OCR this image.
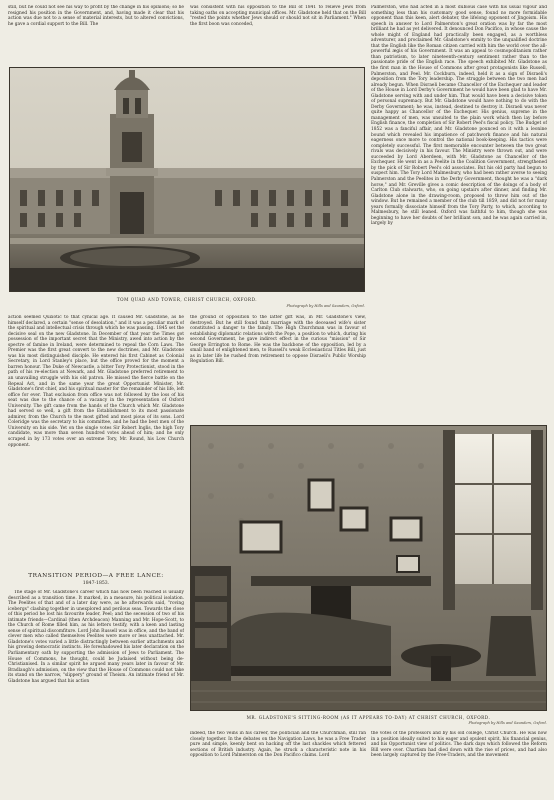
still, but he could not see his way to profit by the change in his opinions; so he resigned his position in the Government, and, having made it clear that his action was due not to a sense of material interests, but to altered convictions, he gave a cordial support to the Bill. The

was consistent with his opposition to the Bill of 1841 to relieve Jews from taking oaths on accepting municipal offices. Mr. Gladstone held that on the Bill "rested the points whether Jews should or should not sit in Parliament." When the first boon was conceded,

TOM QUAD AND TOWER, CHRIST CHURCH, OXFORD.
Photograph by Hills and Saunders, Oxford.

Palmerston, who had acted in a most dubious case with his usual vigour and something less than his customary good sense, found no more formidable opponent than this keen, alert debater, the lifelong opponent of Jingoism. His speech in answer to Lord Palmerston's great oration was by far the most brilliant he had as yet delivered. It denounced Don Pacifico, in whose cause the whole might of England had practically been engaged, as a worthless adventurer, and proclaimed Mr. Gladstone's enmity to the unqualified doctrine that the English like the Roman citizen carried with him the world over the all-powerful ægis of his Government. It was an appeal to cosmopolitanism rather than patriotism, to later nineteenth-century sentiment rather than to the passionate pride of the English race. The speech exhibited Mr. Gladstone as the first man in the House of Commons after great protagonists like Russell, Palmerston, and Peel. Mr. Cockburn, indeed, held it as a sign of Disraeli's deposition from the Tory leadership. The struggle between the two men had already begun. When Disraeli became Chancellor of the Exchequer and leader of the House in Lord Derby's Government he would have been glad to have Mr. Gladstone serving with and under him. That would have been a decisive token of personal supremacy. But Mr. Gladstone would have nothing to do with the Derby Government; he was, instead, destined to destroy it. Disraeli was never quite happy as Chancellor of the Exchequer. His genius, supreme in the management of men, was unsuited to the plain work which then lay before English finance, the completion of Sir Robert Peel's fiscal policy. The Budget of 1852 was a fanciful affair, and Mr. Gladstone pounced on it with a leonine bound which revealed his impatience of patchwork finance and his natural eagerness once more to control the national book-keeping. His tactics were completely successful. The first memorable encounter between the two great rivals was decisively in his favour. The Ministry were thrown out, and were succeeded by Lord Aberdeen, with Mr. Gladstone as Chancellor of the Exchequer. He went in as a Peelite in the Coalition Government, strengthened by the pick of Sir Robert Peel's old associates. But his old party had begun to suspect him. The Tory Lord Malmesbury, who had been rather averse to seeing Palmerston and the Peelites in the Derby Government, thought he was a "dark horse," and Mr. Greville gives a comic description of the doings of a body of Carlton Club stalwarts, who, on going upstairs after dinner, and finding Mr. Gladstone alone in the drawing-room, proposed to throw him out of the window. But he remained a member of the club till 1859, and did not for many years formally dissociate himself from the Tory Party, to which, according to Malmesbury, he still leaned. Oxford was faithful to him, though she was beginning to have her doubts of her brilliant son, and he was again carried in, largely by

action seemed Quixotic to that cynical age. It caused Mr. Gladstone, as he himself declared, a certain "sense of desolation," and it was a peculiar mark of the spiritual and intellectual crisis through which he was passing. 1845 set the decisive seal on the new Gladstone. In December of that year the Times got possession of the important secret that the Ministry, awed into action by the spectre of famine in Ireland, were determined to repeal the Corn Laws. The Premier was the first great convert to the new doctrines, and Mr. Gladstone was his most distinguished disciple. He entered his first Cabinet as Colonial Secretary, in Lord Stanley's place, but the office proved for the moment a barren honour. The Duke of Newcastle, a bitter Tory Protectionist, stood in the path of his re-election at Newark, and Mr. Gladstone preferred retirement to an unavailing struggle with his old patron. He missed the fierce battle on the Repeal Act, and in the same year the great Opportunist Minister, Mr. Gladstone's first chief, and his spiritual master for the remainder of his life, left office for ever. That exclusion from office was not followed by the loss of his seat was due to the chance of a vacancy in the representation of Oxford University. The gift came from the hands of the Church which Mr. Gladstone had served so well, a gift from the Establishment to its most passionate admirer, from the Church to the most gifted and most pious of its sons. Lord Coleridge was the secretary to his committee, and he had the best men of the University on his side. Yet on the single votes Sir Robert Inglis, the high Tory candidate, was more than seven hundred votes ahead of him; and he only scraped in by 173 votes over an extreme Tory, Mr. Round, his Low Church opponent.

the ground of opposition to the latter gift was, in Mr. Gladstone's view, destroyed. But he still found that marriage with the deceased wife's sister constituted a danger to the family. The High Churchman was in favour of establishing diplomatic relations with the Pope, a position to which, during his second Government, he gave indirect effect in the curious "mission" of Sir George Errington to Rome. He was the backbone of the opposition, led by a small band of enlightened men, to Russell's weak Ecclesiastical Titles Bill, just as in later life he rushed from retirement to oppose Disraeli's Public Worship Regulation Bill.

TRANSITION PERIOD—A FREE LANCE:
1847-1853.

The stage of Mr. Gladstone's career which has now been reached is usually described as a transition time. It marked, in a measure, his political isolation. The Peelites of that and of a later day were, as he afterwards said, "roving icebergs" clashing together in unexplored and perilous seas. Towards the close of this period he lost his favourite leader, Peel; and the secession of two of his intimate friends—Cardinal (then Archdeacon) Manning and Mr. Hope-Scott, to the Church of Rome filled him, as his letters testify, with a keen and lasting sense of spiritual discomfiture. Lord John Russell was in office, and the band of clever men who called themselves Peelites were more or less unattached. Mr. Gladstone's votes varied a little distractingly between earlier attachments and his growing democratic instincts. He foreshadowed his later declaration on the Parliamentary oath by supporting the admission of Jews to Parliament. The House of Commons, he thought, could be Judaised without being de-Christianised. In a similar spirit he argued many years later in favour of Mr. Bradlaugh's admission, on the view that the House of Commons could not take its stand on the narrow, "slippery" ground of Theism. An intimate friend of Mr. Gladstone has argued that his action

MR. GLADSTONE'S SITTING-ROOM (AS IT APPEARS TO-DAY) AT CHRIST CHURCH, OXFORD.
Photograph by Hills and Saunders, Oxford.

indeed, the two veins in his career, the politician and the Churchman, still ran closely together. In the debates on the Navigation Laws, he was a Free Trader pure and simple, keenly bent on hacking off the last shackles which fettered sections of British industry. Again, he struck a characteristic note in his opposition to Lord Palmerston on the Don Pacifico claims. Lord

the votes of the professors and by his old college, Christ Church. He was now in a position ideally suited to his eager and opulent spirit, his financial genius, and his Opportunist view of politics. The dark days which followed the Reform Bill were over. Chartism had died down with the rise of prices, and had also been largely captured by the Free-Traders, and the movement
